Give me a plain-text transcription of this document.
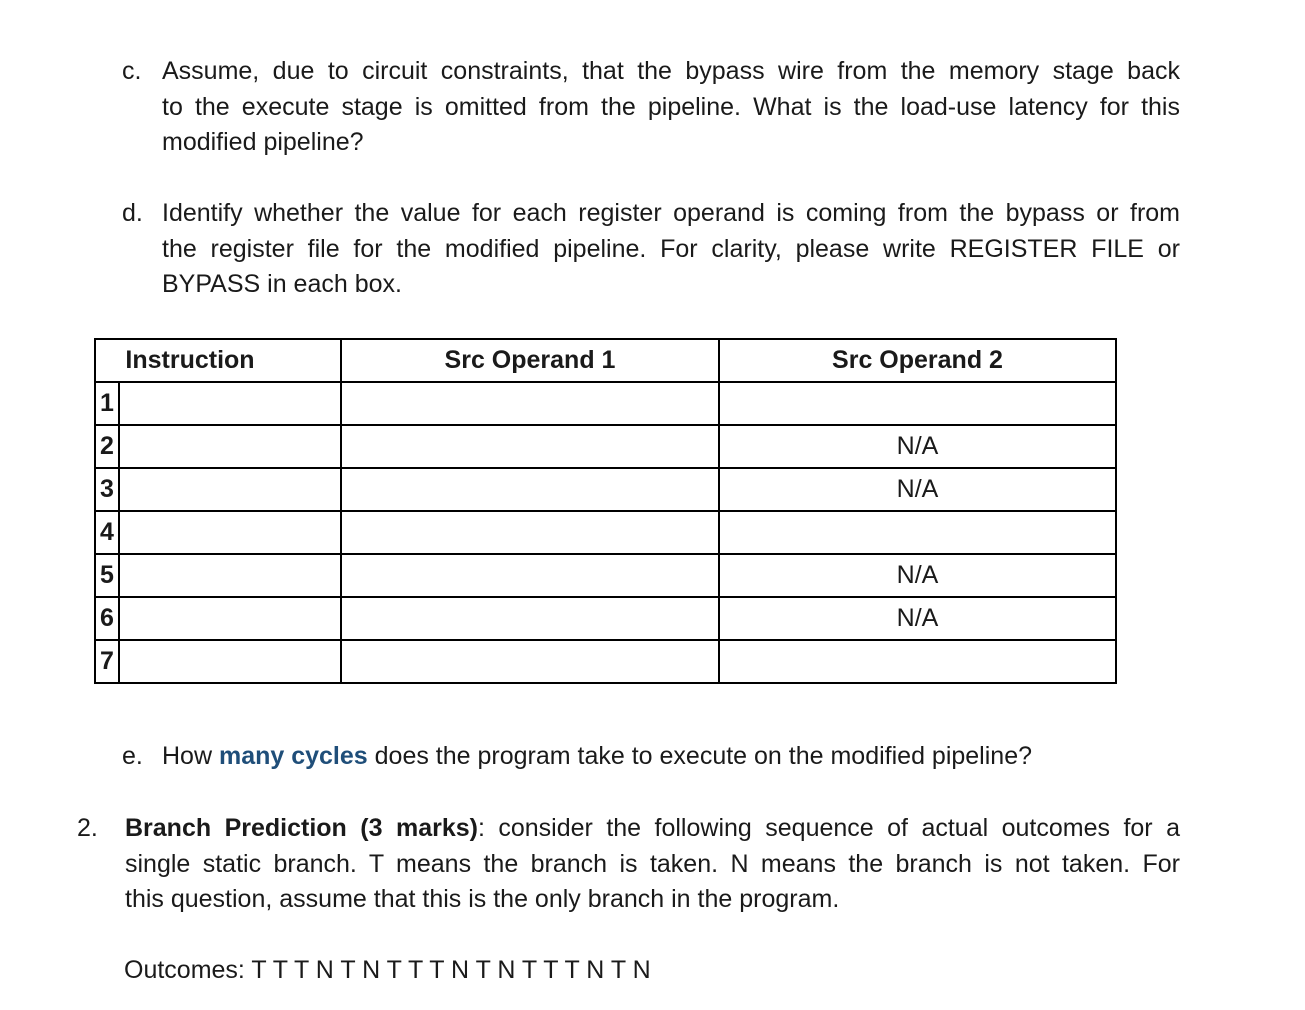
c. Assume, due to circuit constraints, that the bypass wire from the memory stage back
to the execute stage is omitted from the pipeline. What is the load-use latency for this
modified pipeline?
d. Identify whether the value for each register operand is coming from the bypass or from
the register file for the modified pipeline. For clarity, please write REGISTER FILE or
BYPASS in each box.
Instruction		Src Operand 1	Src Operand 2
1			
2			N/A
3			N/A
4			
5			N/A
6			N/A
7			
e. How many cycles does the program take to execute on the modified pipeline?
2. Branch Prediction (3 marks): consider the following sequence of actual outcomes for a
single static branch. T means the branch is taken. N means the branch is not taken. For
this question, assume that this is the only branch in the program.
Outcomes: T T T N T N T T T N T N T T T N T N
